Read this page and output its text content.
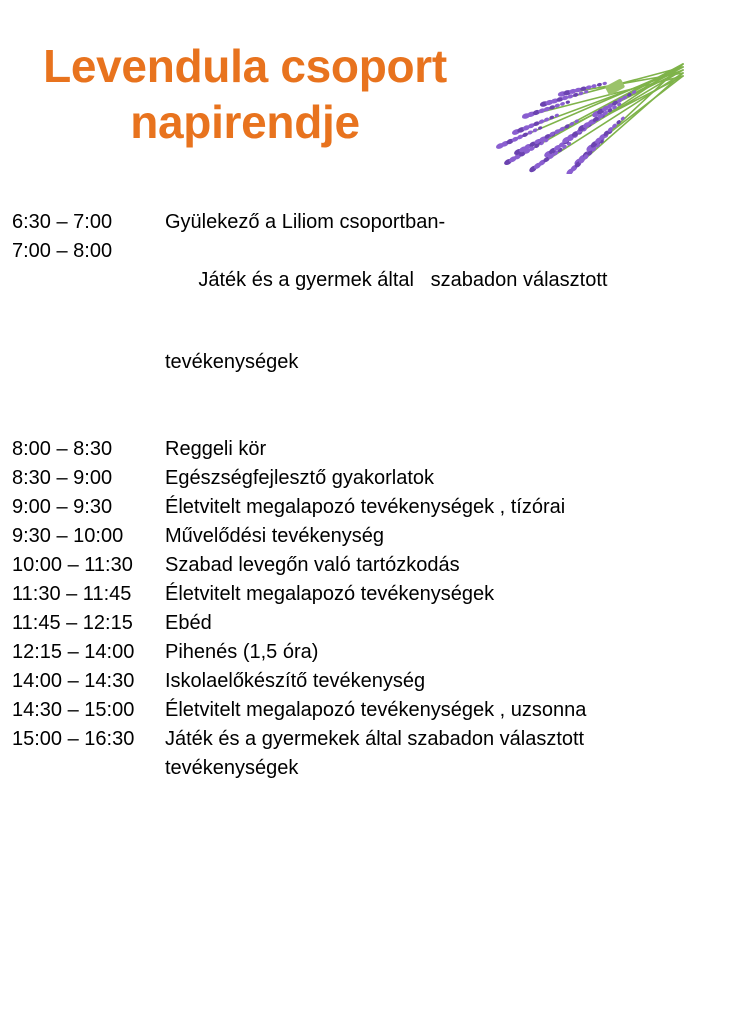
Levendula csoport
napirendje
6:30 – 7:00	Gyülekező a Liliom csoportban-
7:00 – 8:00

Játék és a gyermek által   szabadon választott

tevékenységek

8:00 – 8:30	Reggeli kör
8:30 – 9:00	Egészségfejlesztő gyakorlatok
9:00 – 9:30	Életvitelt megalapozó tevékenységek , tízórai
9:30 – 10:00 Művelődési tevékenység
10:00 – 11:30 Szabad levegőn való tartózkodás
11:30 – 11:45 Életvitelt megalapozó tevékenységek
11:45 – 12:15 Ebéd
12:15 – 14:00 Pihenés (1,5 óra)
14:00 – 14:30 Iskolaelőkészítő tevékenység
14:30 – 15:00 Életvitelt megalapozó tevékenységek , uzsonna
15:00 – 16:30 Játék és a gyermekek által szabadon választott
tevékenységek
